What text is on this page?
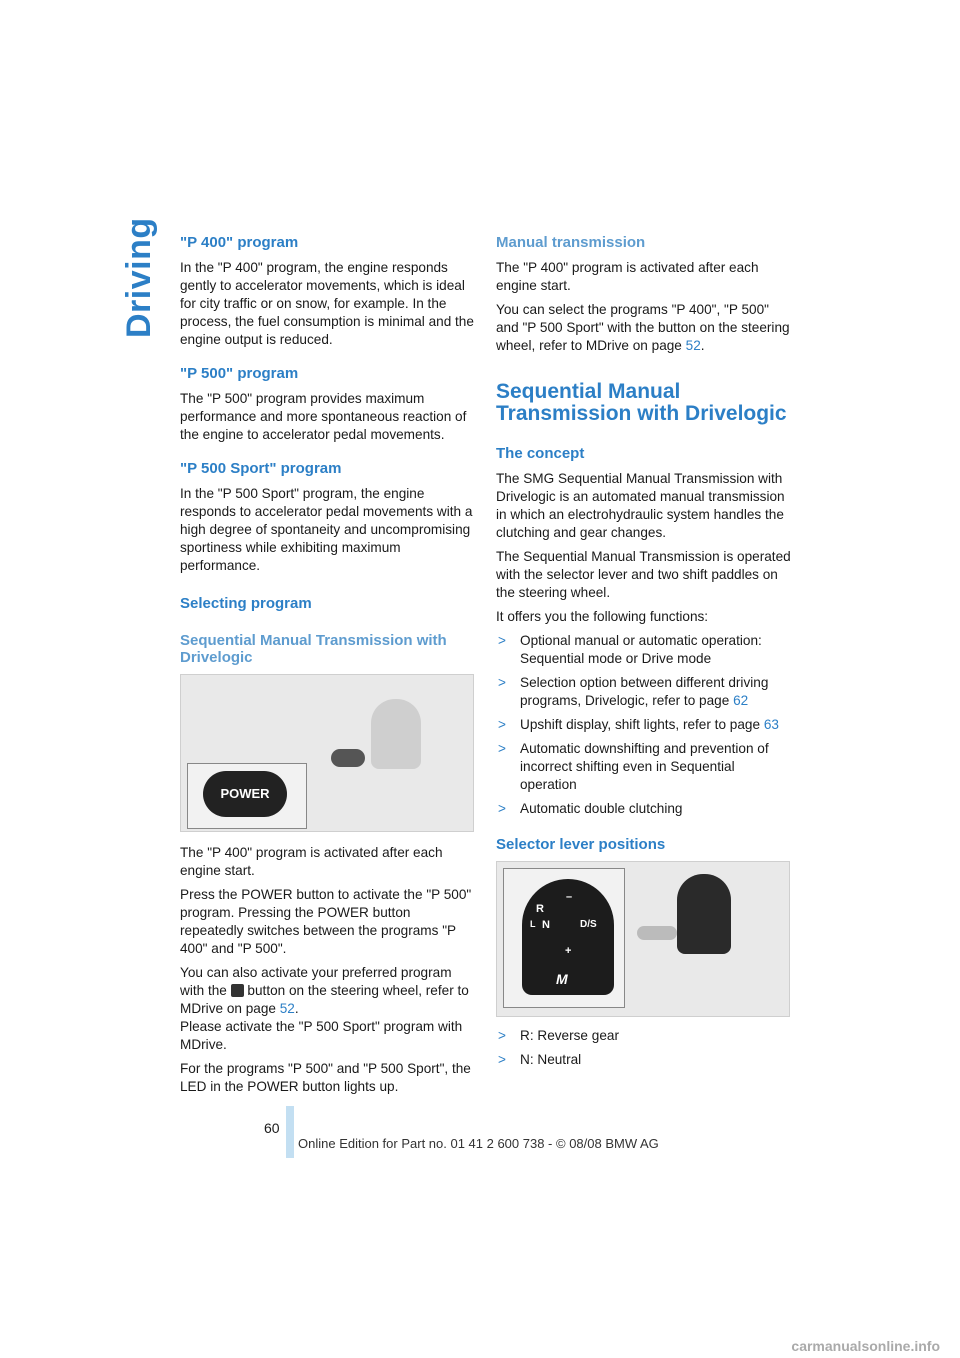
Driving "P 400" program

In the "P 400" program, the engine responds gently to accelerator movements, which is ideal for city traffic or on snow, for example. In the process, the fuel consumption is minimal and the engine output is reduced.

"P 500" program

The "P 500" program provides maximum performance and more spontaneous reaction of the engine to accelerator pedal movements.

"P 500 Sport" program

In the "P 500 Sport" program, the engine responds to accelerator pedal movements with a high degree of spontaneity and uncompromising sportiness while exhibiting maximum performance.

Selecting program
Sequential Manual Transmission with Drivelogic
POWER

The "P 400" program is activated after each engine start.

Press the POWER button to activate the "P 500" program. Pressing the POWER button repeatedly switches between the programs "P 400" and "P 500".

You can also activate your preferred program with the button on the steering wheel, refer to MDrive on page 52.
Please activate the "P 500 Sport" program with MDrive.

For the programs "P 500" and "P 500 Sport", the LED in the POWER button lights up.

Manual transmission

The "P 400" program is activated after each engine start.

You can select the programs "P 400", "P 500" and "P 500 Sport" with the button on the steering wheel, refer to MDrive on page 52.

Sequential Manual Transmission with Drivelogic
The concept

The SMG Sequential Manual Transmission with Drivelogic is an automated manual transmission in which an electrohydraulic system handles the clutching and gear changes.

The Sequential Manual Transmission is operated with the selector lever and two shift paddles on the steering wheel.

It offers you the following functions:

> Optional manual or automatic operation: Sequential mode or Drive mode
> Selection option between different driving programs, Drivelogic, refer to page 62
> Upshift display, shift lights, refer to page 63
> Automatic downshifting and prevention of incorrect shifting even in Sequential operation
> Automatic double clutching
Selector lever positions
R
N
L
–
D/S
+
M
> R: Reverse gear
> N: Neutral
60
Online Edition for Part no. 01 41 2 600 738 - © 08/08 BMW AG
carmanualsonline.info
